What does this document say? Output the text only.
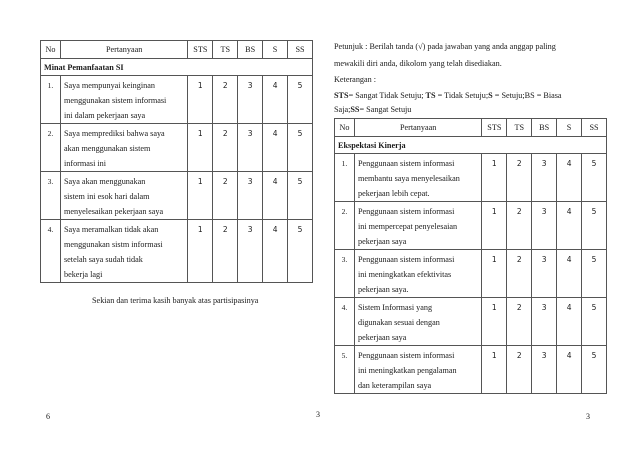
No	Pertanyaan	STS	TS	BS	S	SS
Minat Pemanfaatan SI						
1.	Saya mempunyai keinginan
menggunakan sistem informasi
ini dalam pekerjaan saya	1	2	3	4	5
2.	Saya memprediksi bahwa saya
akan menggunakan sistem
informasi ini	1	2	3	4	5
3.	Saya akan menggunakan
sistem ini esok hari dalam
menyelesaikan pekerjaan saya	1	2	3	4	5
4.	Saya meramalkan tidak akan
menggunakan sistm informasi
setelah saya sudah tidak
bekerja lagi	1	2	3	4	5
Sekian dan terima kasih banyak atas partisipasinya
6	3
Petunjuk : Berilah tanda (√) pada jawaban yang anda anggap paling
mewakili diri anda, dikolom yang telah disediakan.
Keterangan :
STS= Sangat Tidak Setuju; TS = Tidak Setuju;S = Setuju;BS = Biasa
Saja;SS= Sangat Setuju
No	Pertanyaan	STS	TS	BS	S	SS
Ekspektasi Kinerja						
1.	Penggunaan sistem informasi
membantu saya menyelesaikan
pekerjaan lebih cepat.	1	2	3	4	5
2.	Penggunaan sistem informasi
ini mempercepat penyelesaian
pekerjaan saya	1	2	3	4	5
3.	Penggunaan sistem informasi
ini meningkatkan efektivitas
pekerjaan saya.	1	2	3	4	5
4.	Sistem Informasi yang
digunakan sesuai dengan
pekerjaan saya	1	2	3	4	5
5.	Penggunaan sistem informasi
ini meningkatkan pengalaman
dan keterampilan saya	1	2	3	4	5
3
